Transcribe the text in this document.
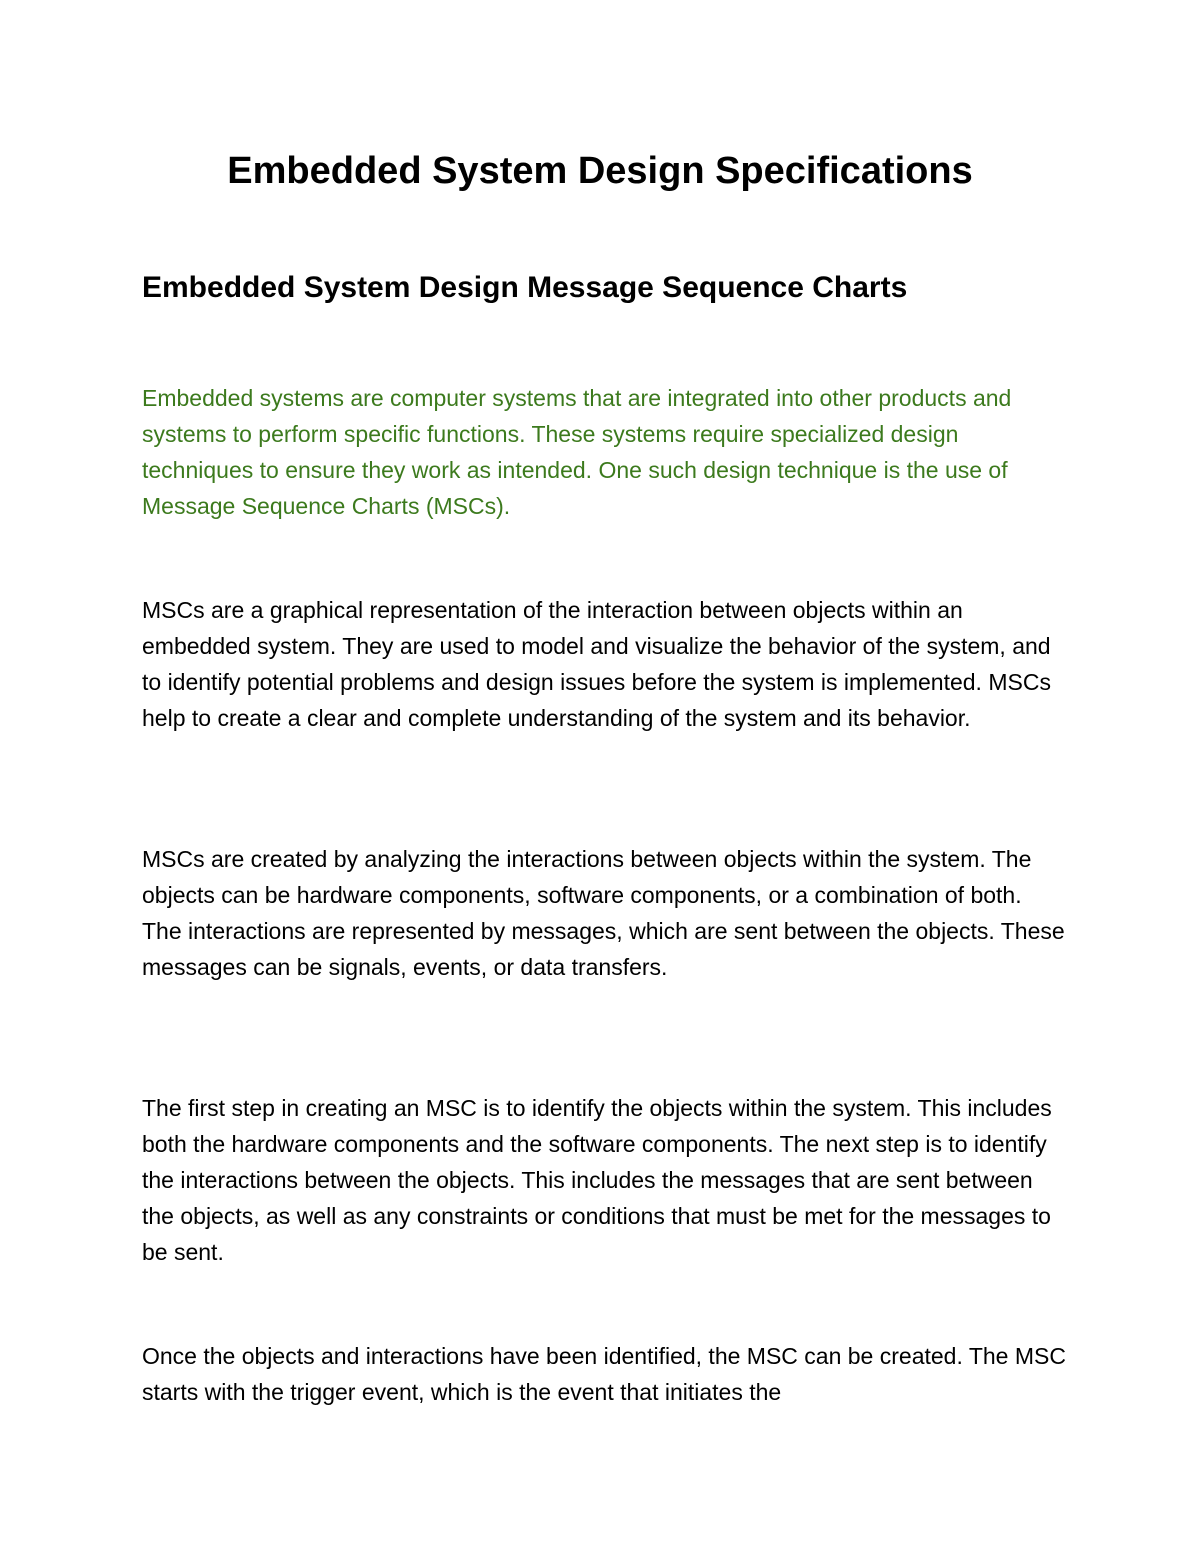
Embedded System Design Specifications
Embedded System Design Message Sequence Charts

Embedded systems are computer systems that are integrated into other products and systems to perform specific functions. These systems require specialized design techniques to ensure they work as intended. One such design technique is the use of Message Sequence Charts (MSCs).

MSCs are a graphical representation of the interaction between objects within an embedded system. They are used to model and visualize the behavior of the system, and to identify potential problems and design issues before the system is implemented. MSCs help to create a clear and complete understanding of the system and its behavior.

MSCs are created by analyzing the interactions between objects within the system. The objects can be hardware components, software components, or a combination of both. The interactions are represented by messages, which are sent between the objects. These messages can be signals, events, or data transfers.

The first step in creating an MSC is to identify the objects within the system. This includes both the hardware components and the software components. The next step is to identify the interactions between the objects. This includes the messages that are sent between the objects, as well as any constraints or conditions that must be met for the messages to be sent.

Once the objects and interactions have been identified, the MSC can be created. The MSC starts with the trigger event, which is the event that initiates the
